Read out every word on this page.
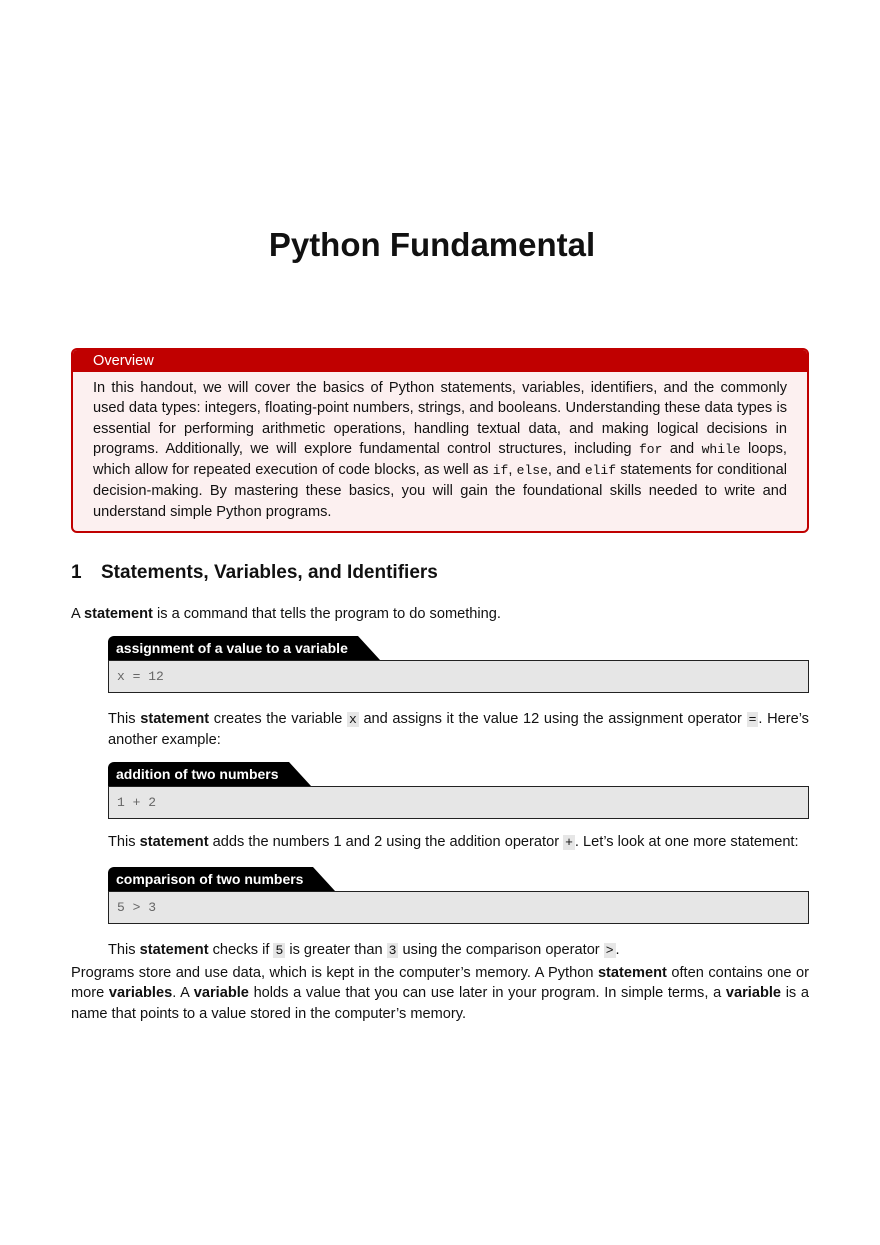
Python Fundamental
Overview
In this handout, we will cover the basics of Python statements, variables, identifiers, and the commonly used data types: integers, floating-point numbers, strings, and booleans. Understanding these data types is essential for performing arithmetic operations, handling textual data, and making logical decisions in programs. Additionally, we will explore fundamental control structures, including for and while loops, which allow for repeated execution of code blocks, as well as if, else, and elif statements for conditional decision-making. By mastering these basics, you will gain the foundational skills needed to write and understand simple Python programs.
1 Statements, Variables, and Identifiers
A statement is a command that tells the program to do something.
assignment of a value to a variable
x = 12
This statement creates the variable x and assigns it the value 12 using the assignment operator = . Here’s another example:
addition of two numbers
1 + 2
This statement adds the numbers 1 and 2 using the addition operator + . Let’s look at one more statement:
comparison of two numbers
5 > 3
This statement checks if 5 is greater than 3 using the comparison operator > .
Programs store and use data, which is kept in the computer’s memory. A Python statement often contains one or more variables. A variable holds a value that you can use later in your program. In simple terms, a variable is a name that points to a value stored in the computer’s memory.
